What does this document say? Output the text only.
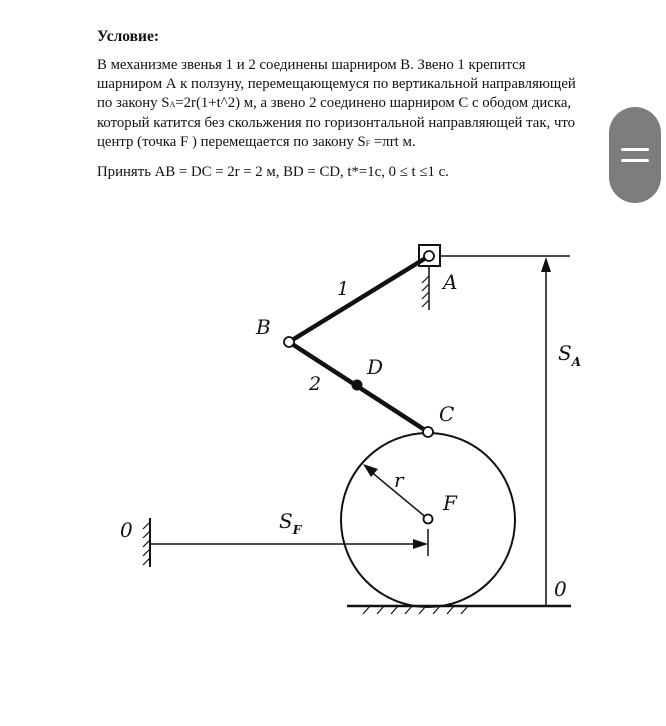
Условие:
В механизме звенья 1 и 2 соединены шарниром В. Звено 1 крепится
шарниром А к ползуну, перемещающемуся по вертикальной направляющей
по закону SA=2r(1+t^2) м, а звено 2 соединено шарниром С с ободом диска,
который катится без скольжения по горизонтальной направляющей так, что
центр (точка F ) перемещается по закону SF =πrt м.
Принять АВ = DС = 2r = 2 м, ВD = СD, t*=1c, 0 ≤ t ≤1 c.
A
B
C
D
F
r
1
2
0
0
$S_A$
$S_F$
